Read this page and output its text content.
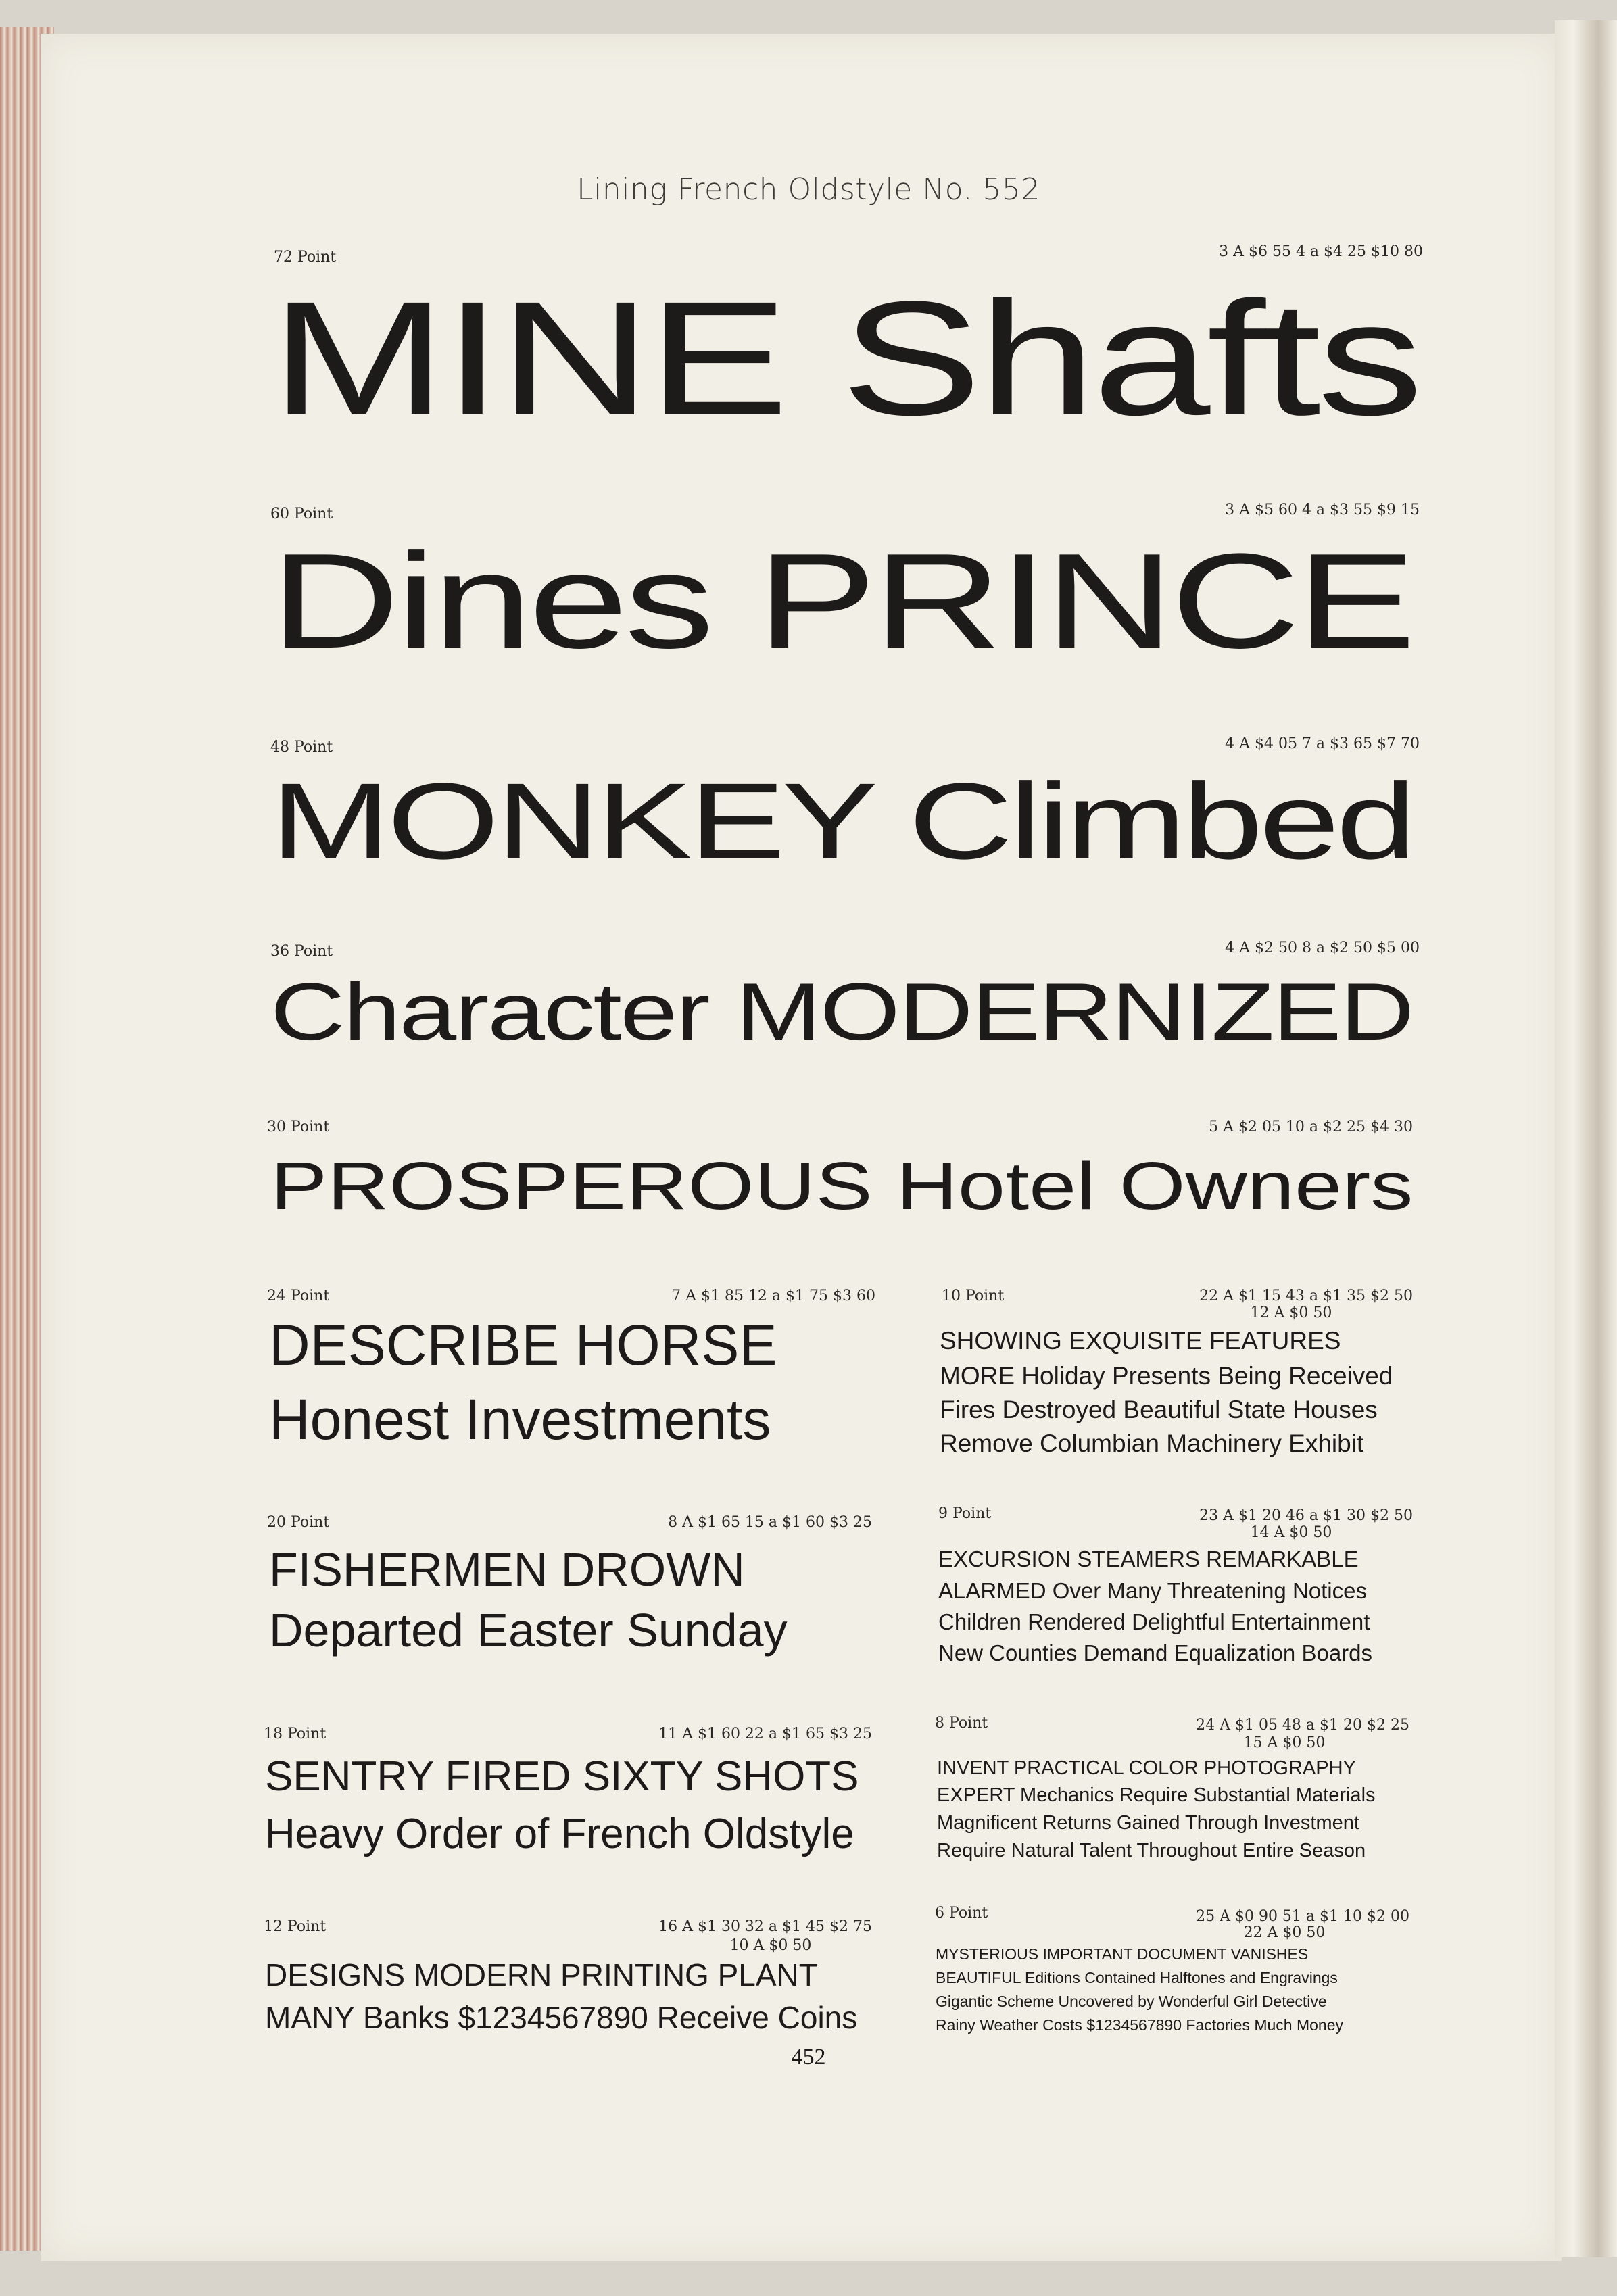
Lining French Oldstyle No. 552
72 Point	3 A $6 55 4 a $4 25 $10 80
MINE Shafts
60 Point	3 A $5 60 4 a $3 55 $9 15
Dines PRINCE
48 Point	4 A $4 05 7 a $3 65 $7 70
MONKEY Climbed
36 Point	4 A $2 50 8 a $2 50 $5 00
Character MODERNIZED
30 Point	5 A $2 05 10 a $2 25 $4 30
PROSPEROUS Hotel Owners
24 Point	7 A $1 85 12 a $1 75 $3 60
DESCRIBE HORSE
Honest Investments
20 Point	8 A $1 65 15 a $1 60 $3 25
FISHERMEN DROWN
Departed Easter Sunday
18 Point	11 A $1 60 22 a $1 65 $3 25
SENTRY FIRED SIXTY SHOTS
Heavy Order of French Oldstyle
12 Point	16 A $1 30 32 a $1 45 $2 75
10 A $0 50
DESIGNS MODERN PRINTING PLANT
MANY Banks $1234567890 Receive Coins
10 Point	22 A $1 15 43 a $1 35 $2 50
12 A $0 50
SHOWING EXQUISITE FEATURES
MORE Holiday Presents Being Received
Fires Destroyed Beautiful State Houses
Remove Columbian Machinery Exhibit
9 Point	23 A $1 20 46 a $1 30 $2 50
14 A $0 50
EXCURSION STEAMERS REMARKABLE
ALARMED Over Many Threatening Notices
Children Rendered Delightful Entertainment
New Counties Demand Equalization Boards
8 Point	24 A $1 05 48 a $1 20 $2 25
15 A $0 50
INVENT PRACTICAL COLOR PHOTOGRAPHY
EXPERT Mechanics Require Substantial Materials
Magnificent Returns Gained Through Investment
Require Natural Talent Throughout Entire Season
6 Point	25 A $0 90 51 a $1 10 $2 00
22 A $0 50
MYSTERIOUS IMPORTANT DOCUMENT VANISHES
BEAUTIFUL Editions Contained Halftones and Engravings
Gigantic Scheme Uncovered by Wonderful Girl Detective
Rainy Weather Costs $1234567890 Factories Much Money
452
